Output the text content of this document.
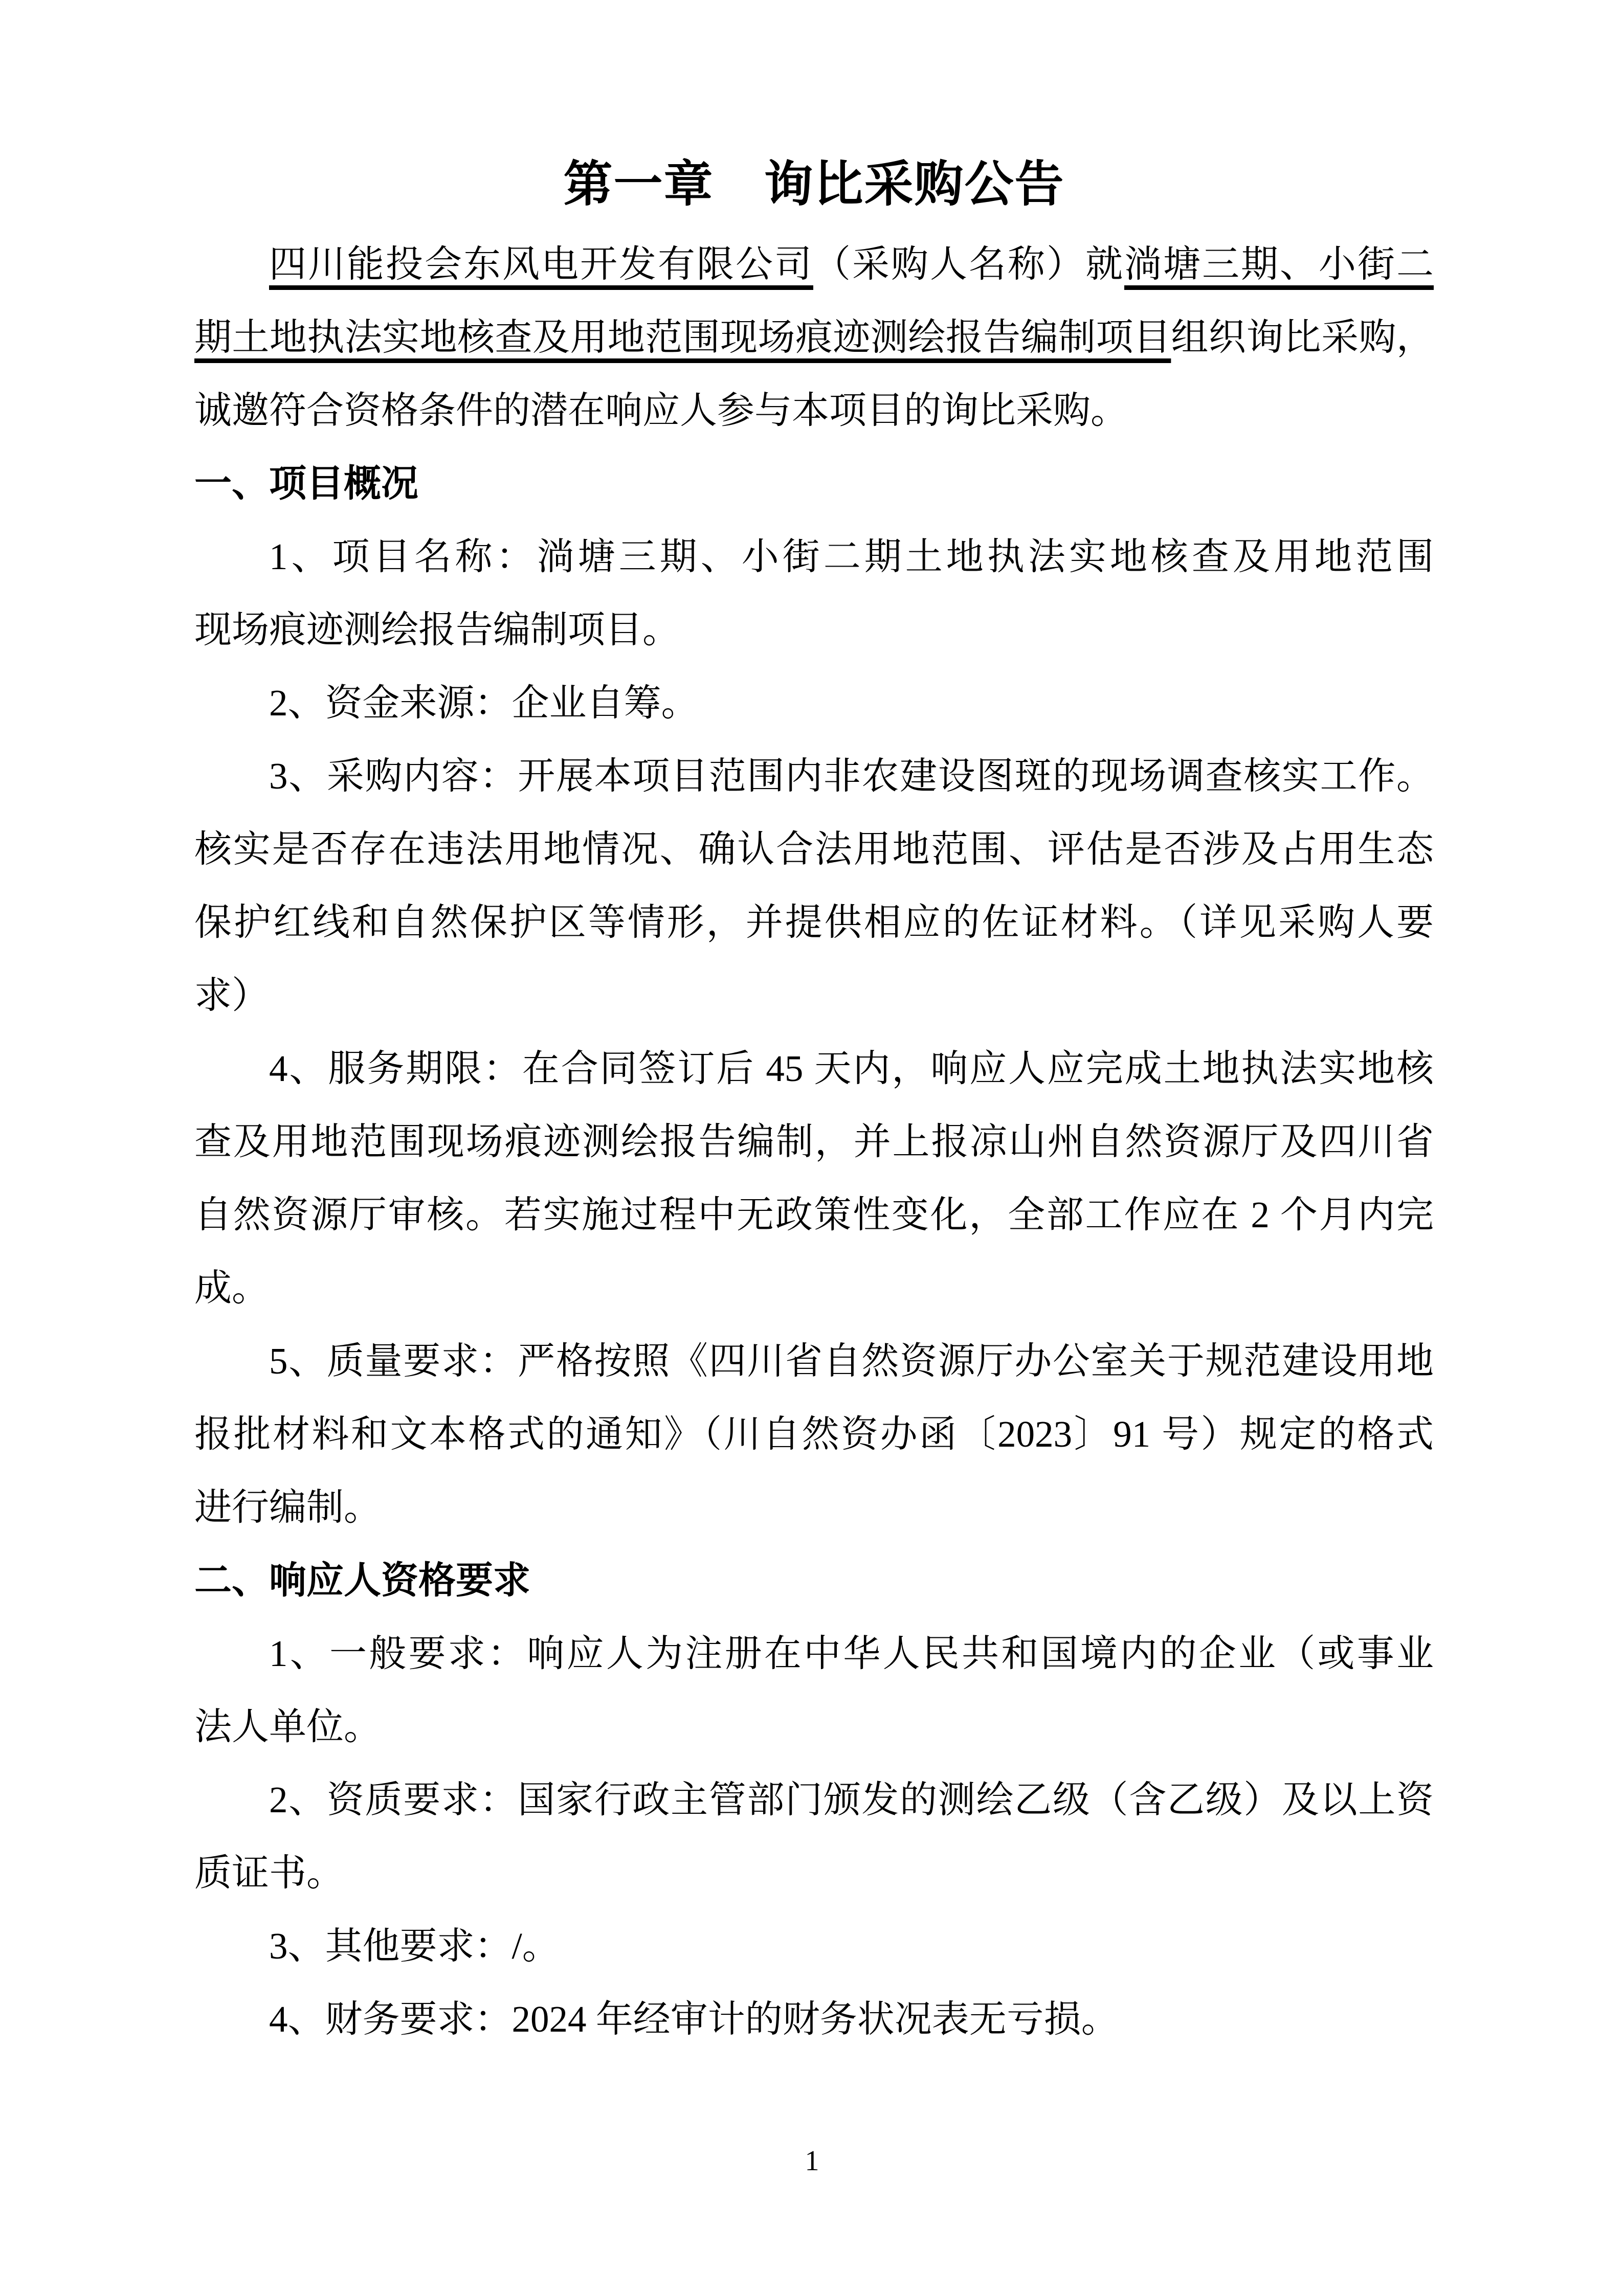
第一章　询比采购公告
四川能投会东风电开发有限公司（采购人名称）就淌塘三期、小街二
期土地执法实地核查及用地范围现场痕迹测绘报告编制项目组织询比采购，
诚邀符合资格条件的潜在响应人参与本项目的询比采购。
一、项目概况
1、项目名称：淌塘三期、小街二期土地执法实地核查及用地范围
现场痕迹测绘报告编制项目。
2、资金来源：企业自筹。
3、采购内容：开展本项目范围内非农建设图斑的现场调查核实工作。
核实是否存在违法用地情况、确认合法用地范围、评估是否涉及占用生态
保护红线和自然保护区等情形，并提供相应的佐证材料。（详见采购人要
求）
4、服务期限：在合同签订后 45 天内，响应人应完成土地执法实地核
查及用地范围现场痕迹测绘报告编制，并上报凉山州自然资源厅及四川省
自然资源厅审核。若实施过程中无政策性变化，全部工作应在 2 个月内完
成。
5、质量要求：严格按照《四川省自然资源厅办公室关于规范建设用地
报批材料和文本格式的通知》（川自然资办函〔2023〕91 号）规定的格式
进行编制。
二、响应人资格要求
1、一般要求：响应人为注册在中华人民共和国境内的企业（或事业
法人单位。
2、资质要求：国家行政主管部门颁发的测绘乙级（含乙级）及以上资
质证书。
3、其他要求：/。
4、财务要求：2024 年经审计的财务状况表无亏损。
1
